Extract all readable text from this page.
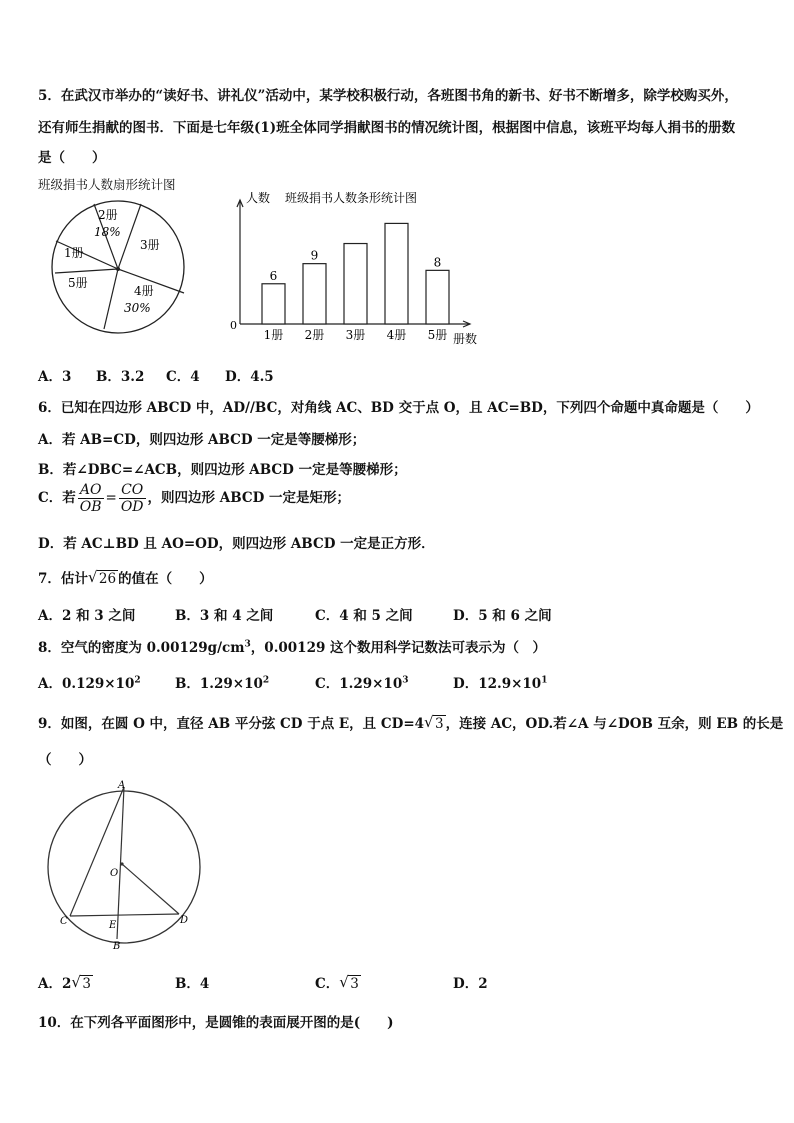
5．在武汉市举办的“读好书、讲礼仪”活动中，某学校积极行动，各班图书角的新书、好书不断增多，除学校购买外，
还有师生捐献的图书．下面是七年级(1)班全体同学捐献图书的情况统计图，根据图中信息，该班平均每人捐书的册数
是（　　）
班级捐书人数扇形统计图
1册
2册
18%
3册
4册
30%
5册
0
人数 班级捐书人数条形统计图
册数
1册
6
2册
9
3册 4册 5册
8
A．3 B．3.2 C．4 D．4.5
6．已知在四边形 ABCD 中，AD//BC，对角线 AC、BD 交于点 O，且 AC=BD，下列四个命题中真命题是（　　）
A．若 AB=CD，则四边形 ABCD 一定是等腰梯形；
B．若∠DBC=∠ACB，则四边形 ABCD 一定是等腰梯形；
C．若 $\frac{AO}{OB} = \frac{CO}{OD}$ ，则四边形 ABCD 一定是矩形；
D．若 AC⊥BD 且 AO=OD，则四边形 ABCD 一定是正方形．
7．估计 √ 26 的值在（　　）
A．2 和 3 之间	B．3 和 4 之间	C．4 和 5 之间	D．5 和 6 之间
8．空气的密度为 $0.00129g/cm^3$，0.00129 这个数用科学记数法可表示为（　）
A．$0.129\times 10^2$	B．$1.29\times 10^2$	C．$1.29\times 10^3$	D．$12.9\times 10^1$
9．如图，在圆 O 中，直径 AB 平分弦 CD 于点 E，且 CD=4 √ 3 ，连接 AC，OD.若∠A 与∠DOB 互余，则 EB 的长是
（　　）
A
O
C	E	D
B
A．2 √ 3	B．4	C． √ 3	D．2
10．在下列各平面图形中，是圆锥的表面展开图的是(　　)
